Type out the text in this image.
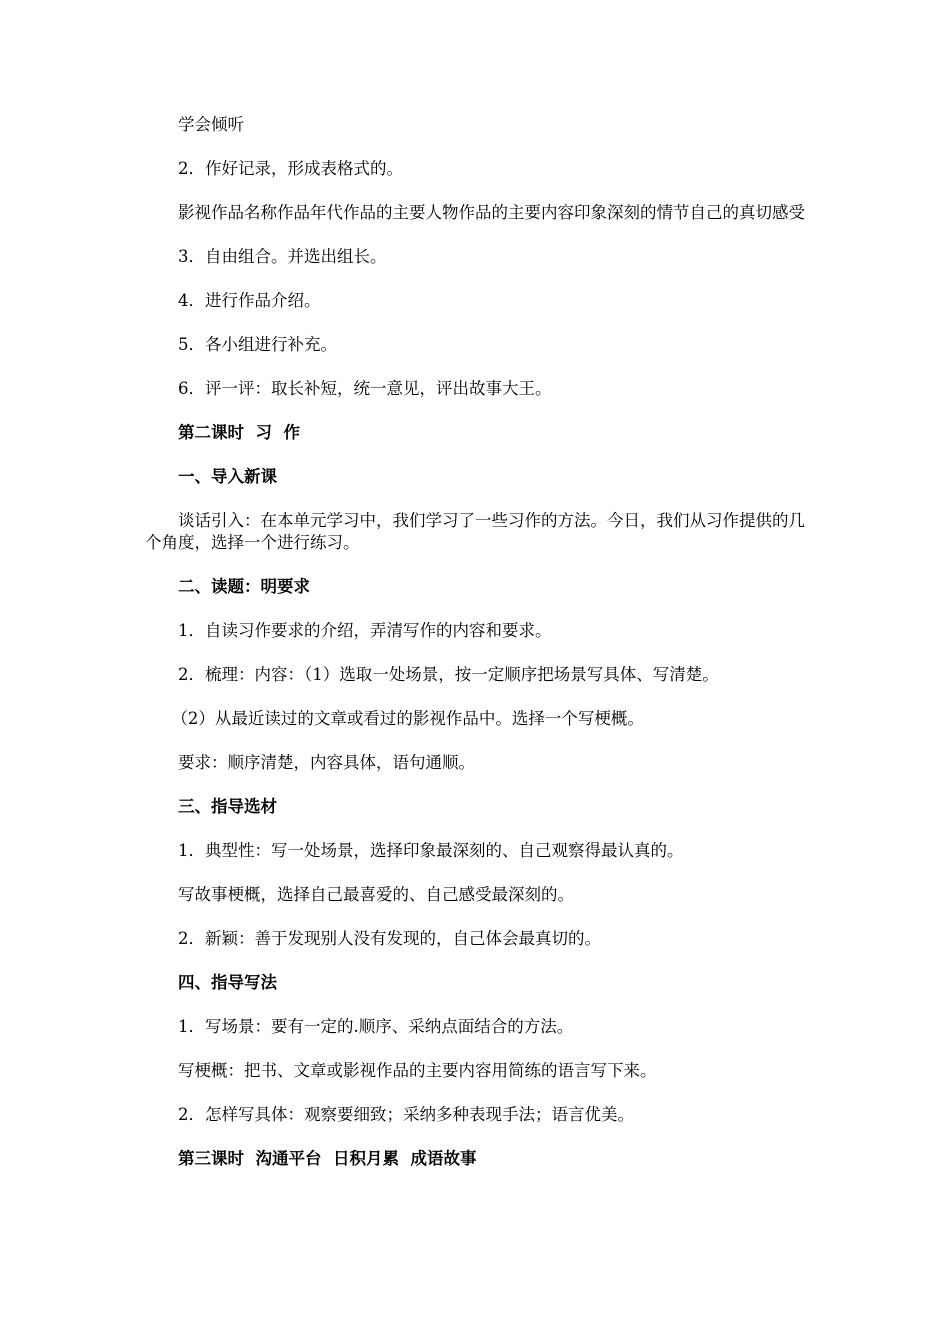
学会倾听

2．作好记录，形成表格式的。

影视作品名称作品年代作品的主要人物作品的主要内容印象深刻的情节自己的真切感受

3．自由组合。并选出组长。

4．进行作品介绍。

5．各小组进行补充。

6．评一评：取长补短，统一意见，评出故事大王。

第二课时  习  作

一、导入新课

谈话引入：在本单元学习中，我们学习了一些习作的方法。今日，我们从习作提供的几个角度，选择一个进行练习。

二、读题：明要求

1．自读习作要求的介绍，弄清写作的内容和要求。

2．梳理：内容：（1）选取一处场景，按一定顺序把场景写具体、写清楚。

（2）从最近读过的文章或看过的影视作品中。选择一个写梗概。

要求：顺序清楚，内容具体，语句通顺。

三、指导选材

1．典型性：写一处场景，选择印象最深刻的、自己观察得最认真的。

写故事梗概，选择自己最喜爱的、自己感受最深刻的。

2．新颖：善于发现别人没有发现的，自己体会最真切的。

四、指导写法

1．写场景：要有一定的.顺序、采纳点面结合的方法。

写梗概：把书、文章或影视作品的主要内容用简练的语言写下来。

2．怎样写具体：观察要细致；采纳多种表现手法；语言优美。

第三课时  沟通平台  日积月累  成语故事
